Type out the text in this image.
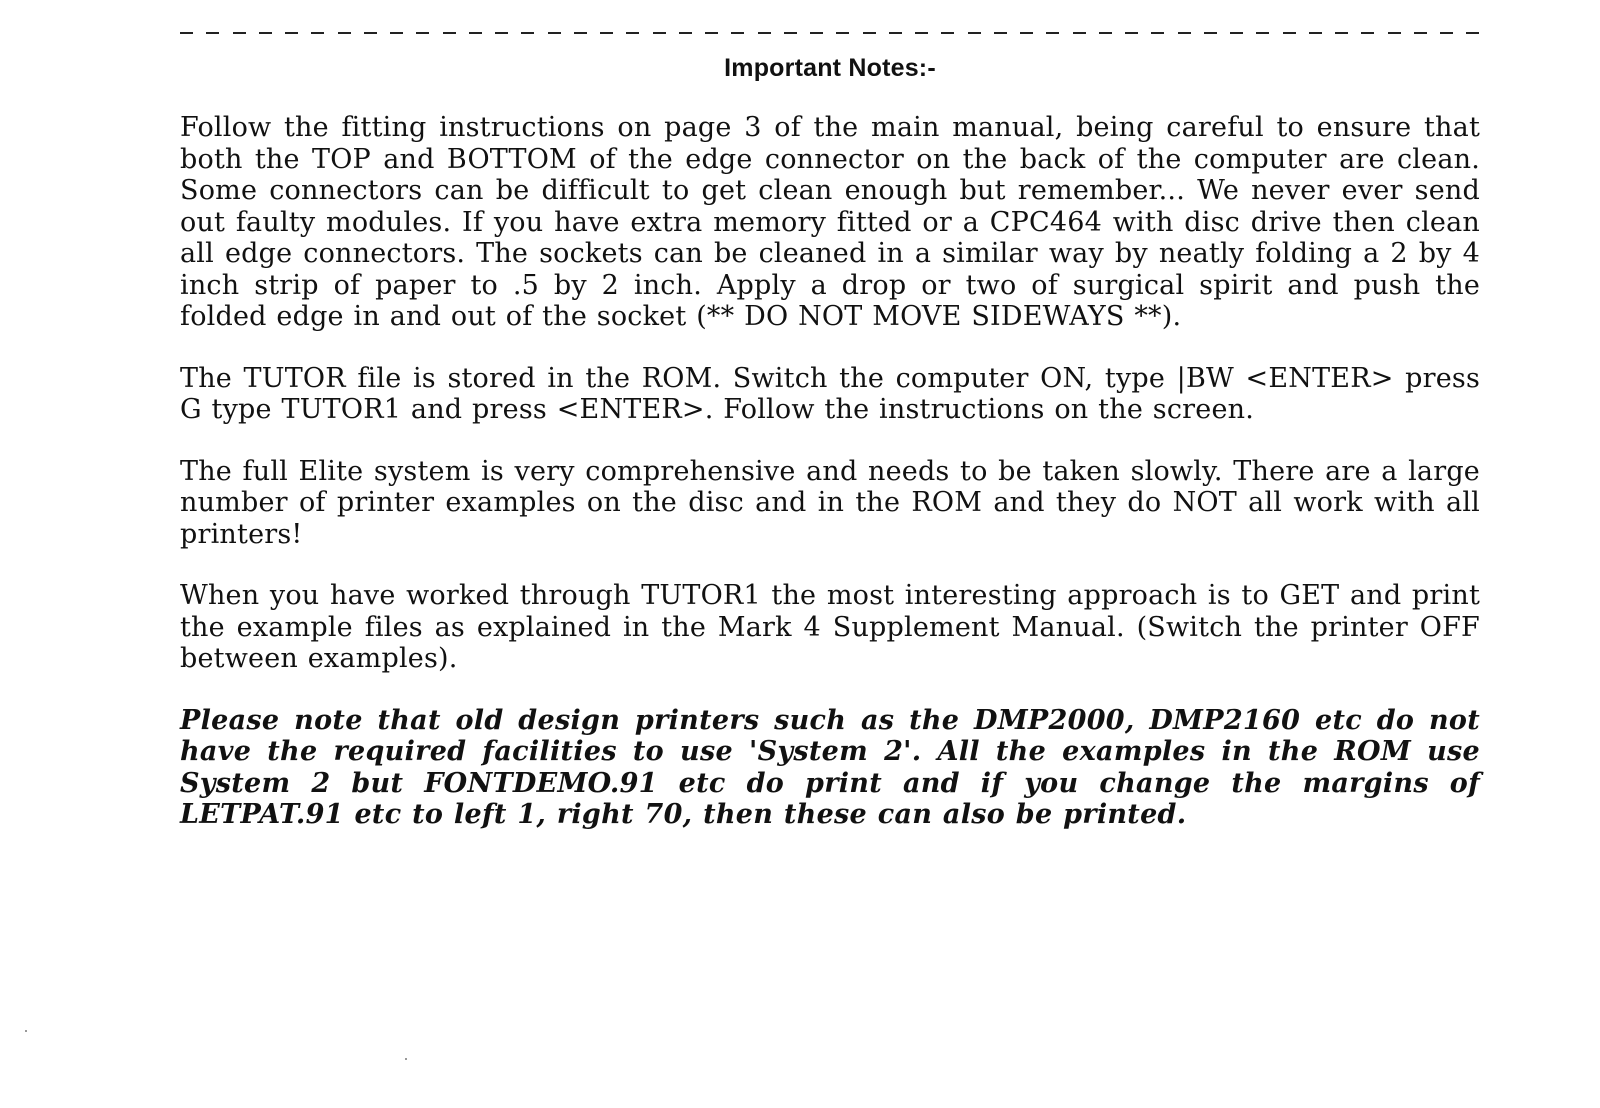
Important Notes:-

Follow the fitting instructions on page 3 of the main manual, being careful to ensure that both the TOP and BOTTOM of the edge connector on the back of the computer are clean. Some connectors can be difficult to get clean enough but remember... We never ever send out faulty modules. If you have extra memory fitted or a CPC464 with disc drive then clean all edge connectors. The sockets can be cleaned in a similar way by neatly folding a 2 by 4 inch strip of paper to .5 by 2 inch. Apply a drop or two of surgical spirit and push the folded edge in and out of the socket (** DO NOT MOVE SIDEWAYS **).

The TUTOR file is stored in the ROM. Switch the computer ON, type |BW <ENTER> press G type TUTOR1 and press <ENTER>. Follow the instructions on the screen.

The full Elite system is very comprehensive and needs to be taken slowly. There are a large number of printer examples on the disc and in the ROM and they do NOT all work with all printers!

When you have worked through TUTOR1 the most interesting approach is to GET and print the example files as explained in the Mark 4 Supplement Manual. (Switch the printer OFF between examples).

Please note that old design printers such as the DMP2000, DMP2160 etc do not have the required facilities to use 'System 2'. All the examples in the ROM use System 2 but FONTDEMO.91 etc do print and if you change the margins of LETPAT.91 etc to left 1, right 70, then these can also be printed.
